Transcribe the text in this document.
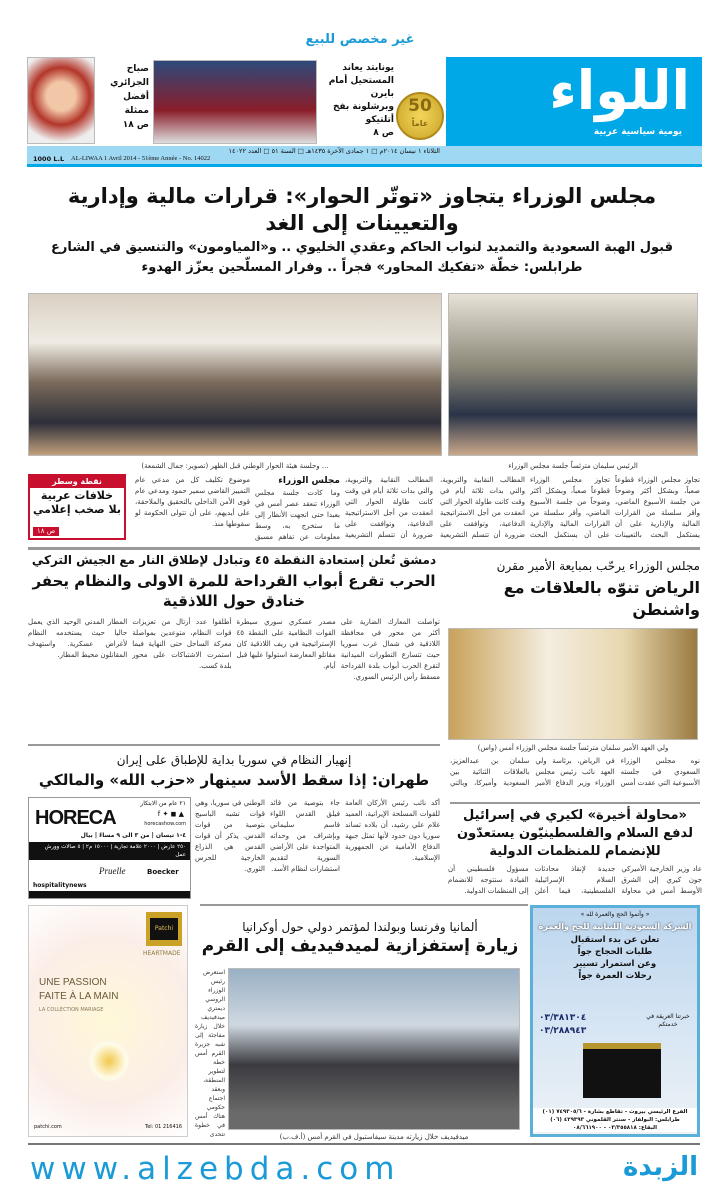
غير مخصص للبيع
اللواء
يومية سياسية عربية
50
عاماً
يونايتد يعاند
المستحيل أمام بايرن
وبرشلونة بفخ
أتلتيكو
ص ٨
صباح
الجزائري
أفضل
ممثلة
ص ١٨
الثلاثاء ١ نيسان ٢٠١٤م □ ١ جمادى الآخرة ١٤٣٥هـ □ السنة ٥١ □ العدد ١٤٠٢٢
1000 L.L AL-LIWAA 1 Avril 2014 - 51ème Année - No. 14022
مجلس الوزراء يتجاوز «توتّر الحوار»: قرارات مالية وإدارية والتعيينات إلى الغد
قبول الهبة السعودية والتمديد لنواب الحاكم وعقدي الخليوي .. و«المياومون» والتنسيق في الشارع
طرابلس: خطّة «تفكيك المحاور» فجراً .. وفرار المسلّحين يعزّز الهدوء
الرئيس سليمان مترئساً جلسة مجلس الوزراء
... وجلسة هيئة الحوار الوطني قبل الظهر (تصوير: جمال الشمعة)
تجاوز مجلس الوزراء قطوعاً صعباً، وبشكل أكثر وضوحاً من جلسة الأسبوع الماضي، وأقر سلسلة من القرارات المالية والإدارية على أن يستكمل البحث بالتعيينات
تجاوز مجلس الوزراء قطوعاً صعباً، وبشكل أكثر وضوحاً من جلسة الأسبوع الماضي، وأقر سلسلة من القرارات المالية والإدارية على أن يستكمل البحث
المطالب النقابية والتربوية، والتي بدات ثلاثة أيام في وقت كانت طاولة الحوار التي انعقدت من أجل الاستراتيجية الدفاعية، وتوافقت على ضرورة أن تتسلم التشريعية
المطالب النقابية والتربوية، والتي بدات ثلاثة أيام في وقت كانت طاولة الحوار التي انعقدت من أجل الاستراتيجية الدفاعية، وتوافقت على ضرورة أن تتسلم التشريعية
مجلس الوزراء
وما كادت جلسة مجلس الوزراء تنعقد عصر أمس في بعبدا حتى اتجهت الأنظار إلى ما ستخرج به، وسط معلومات عن تفاهم مسبق
موضوع تكليف كل من مدعي عام التمييز القاضي سمير حمود ومدعي عام قوى الأمن الداخلي بالتحقيق والملاحقة، على أيديهم، على أن تتولى الحكومة لو سقوطها منذ.
نقطة وسطر
خلافات عربية بلا صخب إعلامي
ص ١٨
مجلس الوزراء يرحّب بمبايعة الأمير مقرن
الرياض تنوّه بالعلاقات مع واشنطن
ولي العهد الأمير سلمان مترئساً جلسة مجلس الوزراء أمس (واس)
نوه مجلس الوزراء السعودي في جلسته الأسبوعية التي عقدت أمس في الرياض، برئاسة ولي العهد نائب رئيس مجلس الوزراء وزير الدفاع الأمير سلمان بن عبدالعزيز، بالعلاقات الثنائية بين السعودية وأميركا، وبالتي
دمشق تُعلن إستعادة النقطة ٤٥ وتبادل لإطلاق النار مع الجيش التركي
الحرب تقرع أبواب القرداحة للمرة الاولى والنظام يحفر خنادق حول اللاذقية
تواصلت المعارك الضارية على أكثر من محور في محافظة اللاذقية في شمال غرب سوريا حيث تتسارع التطورات الميدانية لتقرع الحرب أبواب بلدة القرداحة مسقط رأس الرئيس السوري.
مصدر عسكري سوري سيطرة القوات النظامية على النقطة ٤٥ الإستراتيجية في ريف اللاذقية كان مقاتلو المعارضة استولوا عليها قبل أيام.
أطلقوا عدد أرتال من تعزيزات قوات النظام، متوعدين بمواصلة معركة الساحل حتى النهاية فيما استمرت الاشتباكات على محور بلدة كسب.
المطار المدني الوحيد الذي يعمل حاليا حيث يستخدمه النظام لأغراض عسكرية. واستهدف المقاتلون محيط المطار.
إنهيار النظام في سوريا بداية للإطباق على إيران
طهران: إذا سقط الأسد سينهار «حزب الله» والمالكي
أكد نائب رئيس الأركان العامة للقوات المسلحة الإيرانية، العميد غلام علي رشيد، أن بلاده تساند سوريا دون حدود لأنها تمثل جبهة الدفاع الأمامية عن الجمهورية الإسلامية.
جاء بتوصية من قائد فيلق القدس اللواء قاسم سليماني وبإشراف من وحداته المتواجدة على الأراضي السورية لتقديم استشارات لنظام الأسد.
الوطني في سوريا، وهي قوات تشبه الباسيج بتوصية من قوات القدس. يذكر أن قوات القدس هي الذراع الخارجية للحرس الثوري.
٢١ عام من الابتكار
HORECA	f ✦ ◼ ▲
horecashow.com
٤-١ نيسان | من ٣ الى ٩ مساءً | بيال
٢٥٠ عارض | ٢٠٠٠ علامة تجارية | ١٥٠٠٠ م٢ | ٥ صالات وورش عمل
Pruelle	Boecker
hospitalitynews
«محاولة أخيرة» لكيري في إسرائيل لدفع السلام والفلسطينيّون يستعدّون للإنضمام للمنظمات الدولية
عاد وزير الخارجية الأميركي جون كيري إلى الشرق الأوسط أمس في محاولة جديدة لإنقاذ محادثات السلام الإسرائيلية الفلسطينية، فيما أعلن مسؤول فلسطيني أن القيادة ستتوجه للانضمام إلى المنظمات الدولية.
ألمانيا وفرنسا وبولندا لمؤتمر دولي حول أوكرانيا
زيارة إستفزازية لميدفيديف إلى القرم
ميدفيديف خلال زيارته مدينة سيفاستبول في القرم أمس (أ.ف.ب)
استعرض رئيس الوزراء الروسي ديمتري ميدفيديف خلال زيارة مفاجئة إلى شبه جزيرة القرم أمس خطة لتطوير المنطقة، وبعقد اجتماع حكومي هناك أمس في خطوة تتحدى
Patchi
HEARTMADE
UNE PASSION
FAITE À LA MAIN
LA COLLECTION MARIAGE
patchi.com	Tel: 01 216416
« وأتموا الحج والعمرة لله »
الشركة السعودية اللبنانية للحج والعمرة
تعلن عن بدء استقبال
طلبات الحجاج جواً
وعن استمرار تسيير
رحلات العمرة جواً
٠٣/٣٨١٣٠٤
٠٣/٢٨٨٩٤٣
خبرتنا العريقة في خدمتكم
الفرع الرئيسي بيروت - تقاطع بشارة - ٧٤٩٣٠٥/٦ (٠١)
طرابلس: البولفار - سنتر القلموني ٤٢٩٣٩٣ (٠٦)
البقاع: ٠٣/٣٥٥٨١٨ - ٠٨/٦٦١٩٠٠
www.alzebda.com	الزبدة
